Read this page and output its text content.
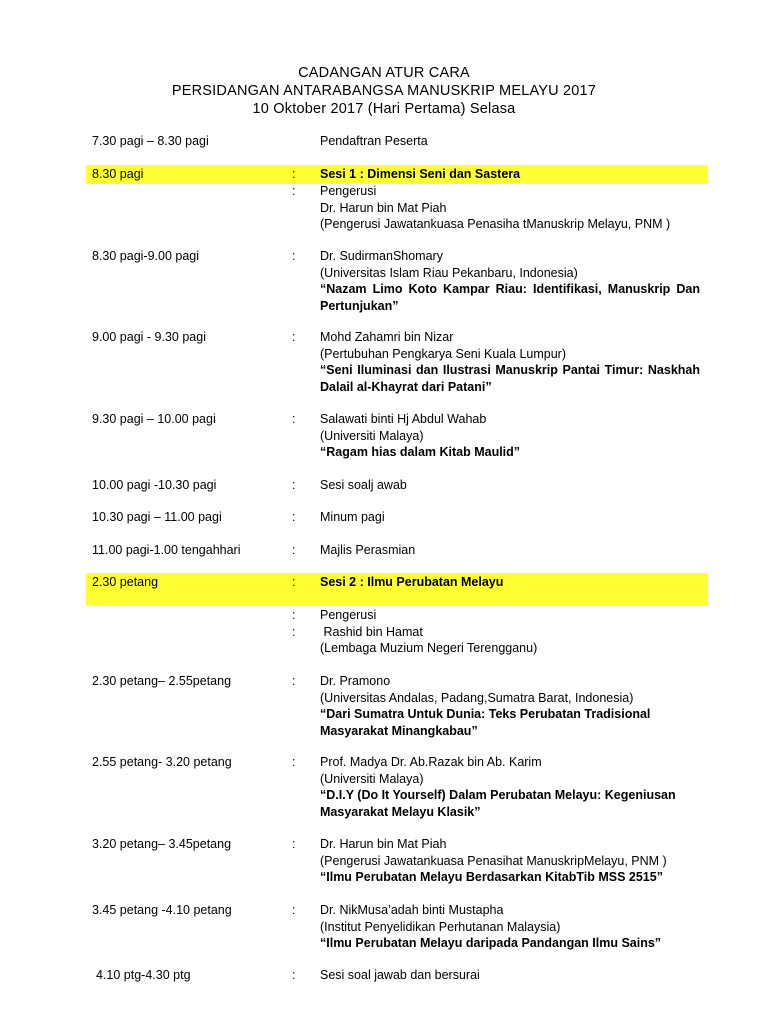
CADANGAN ATUR CARA
PERSIDANGAN ANTARABANGSA MANUSKRIP MELAYU 2017
10 Oktober 2017 (Hari Pertama) Selasa
7.30 pagi – 8.30 pagi	Pendaftran Peserta
8.30 pagi	: Sesi 1 : Dimensi Seni dan Sastera
: Pengerusi
Dr. Harun bin Mat Piah
(Pengerusi Jawatankuasa Penasiha tManuskrip Melayu, PNM )
8.30 pagi-9.00 pagi	: Dr. SudirmanShomary
(Universitas Islam Riau Pekanbaru, Indonesia)
“Nazam Limo Koto Kampar Riau: Identifikasi, Manuskrip Dan Pertunjukan”
9.00 pagi - 9.30 pagi	: Mohd Zahamri bin Nizar
(Pertubuhan Pengkarya Seni Kuala Lumpur)
“Seni Iluminasi dan Ilustrasi Manuskrip Pantai Timur: Naskhah Dalail al-Khayrat dari Patani”
9.30 pagi – 10.00 pagi	: Salawati binti Hj Abdul Wahab
(Universiti Malaya)
“Ragam hias dalam Kitab Maulid”
10.00 pagi -10.30 pagi	: Sesi soalj awab
10.30 pagi – 11.00 pagi	: Minum pagi
11.00 pagi-1.00 tengahhari	: Majlis Perasmian
2.30 petang	: Sesi 2 : Ilmu Perubatan Melayu
: Pengerusi
: Rashid bin Hamat
(Lembaga Muzium Negeri Terengganu)
2.30 petang– 2.55petang	: Dr. Pramono
(Universitas Andalas, Padang,Sumatra Barat, Indonesia)
“Dari Sumatra Untuk Dunia: Teks Perubatan Tradisional Masyarakat Minangkabau”
2.55 petang- 3.20 petang	: Prof. Madya Dr. Ab.Razak bin Ab. Karim
(Universiti Malaya)
“D.I.Y (Do It Yourself) Dalam Perubatan Melayu: Kegeniusan Masyarakat Melayu Klasik”
3.20 petang– 3.45petang	: Dr. Harun bin Mat Piah
(Pengerusi Jawatankuasa Penasihat ManuskripMelayu, PNM )
“Ilmu Perubatan Melayu Berdasarkan KitabTib MSS 2515”
3.45 petang -4.10 petang	: Dr. NikMusa’adah binti Mustapha
(Institut Penyelidikan Perhutanan Malaysia)
“Ilmu Perubatan Melayu daripada Pandangan Ilmu Sains”
4.10 ptg-4.30 ptg	: Sesi soal jawab dan bersurai
